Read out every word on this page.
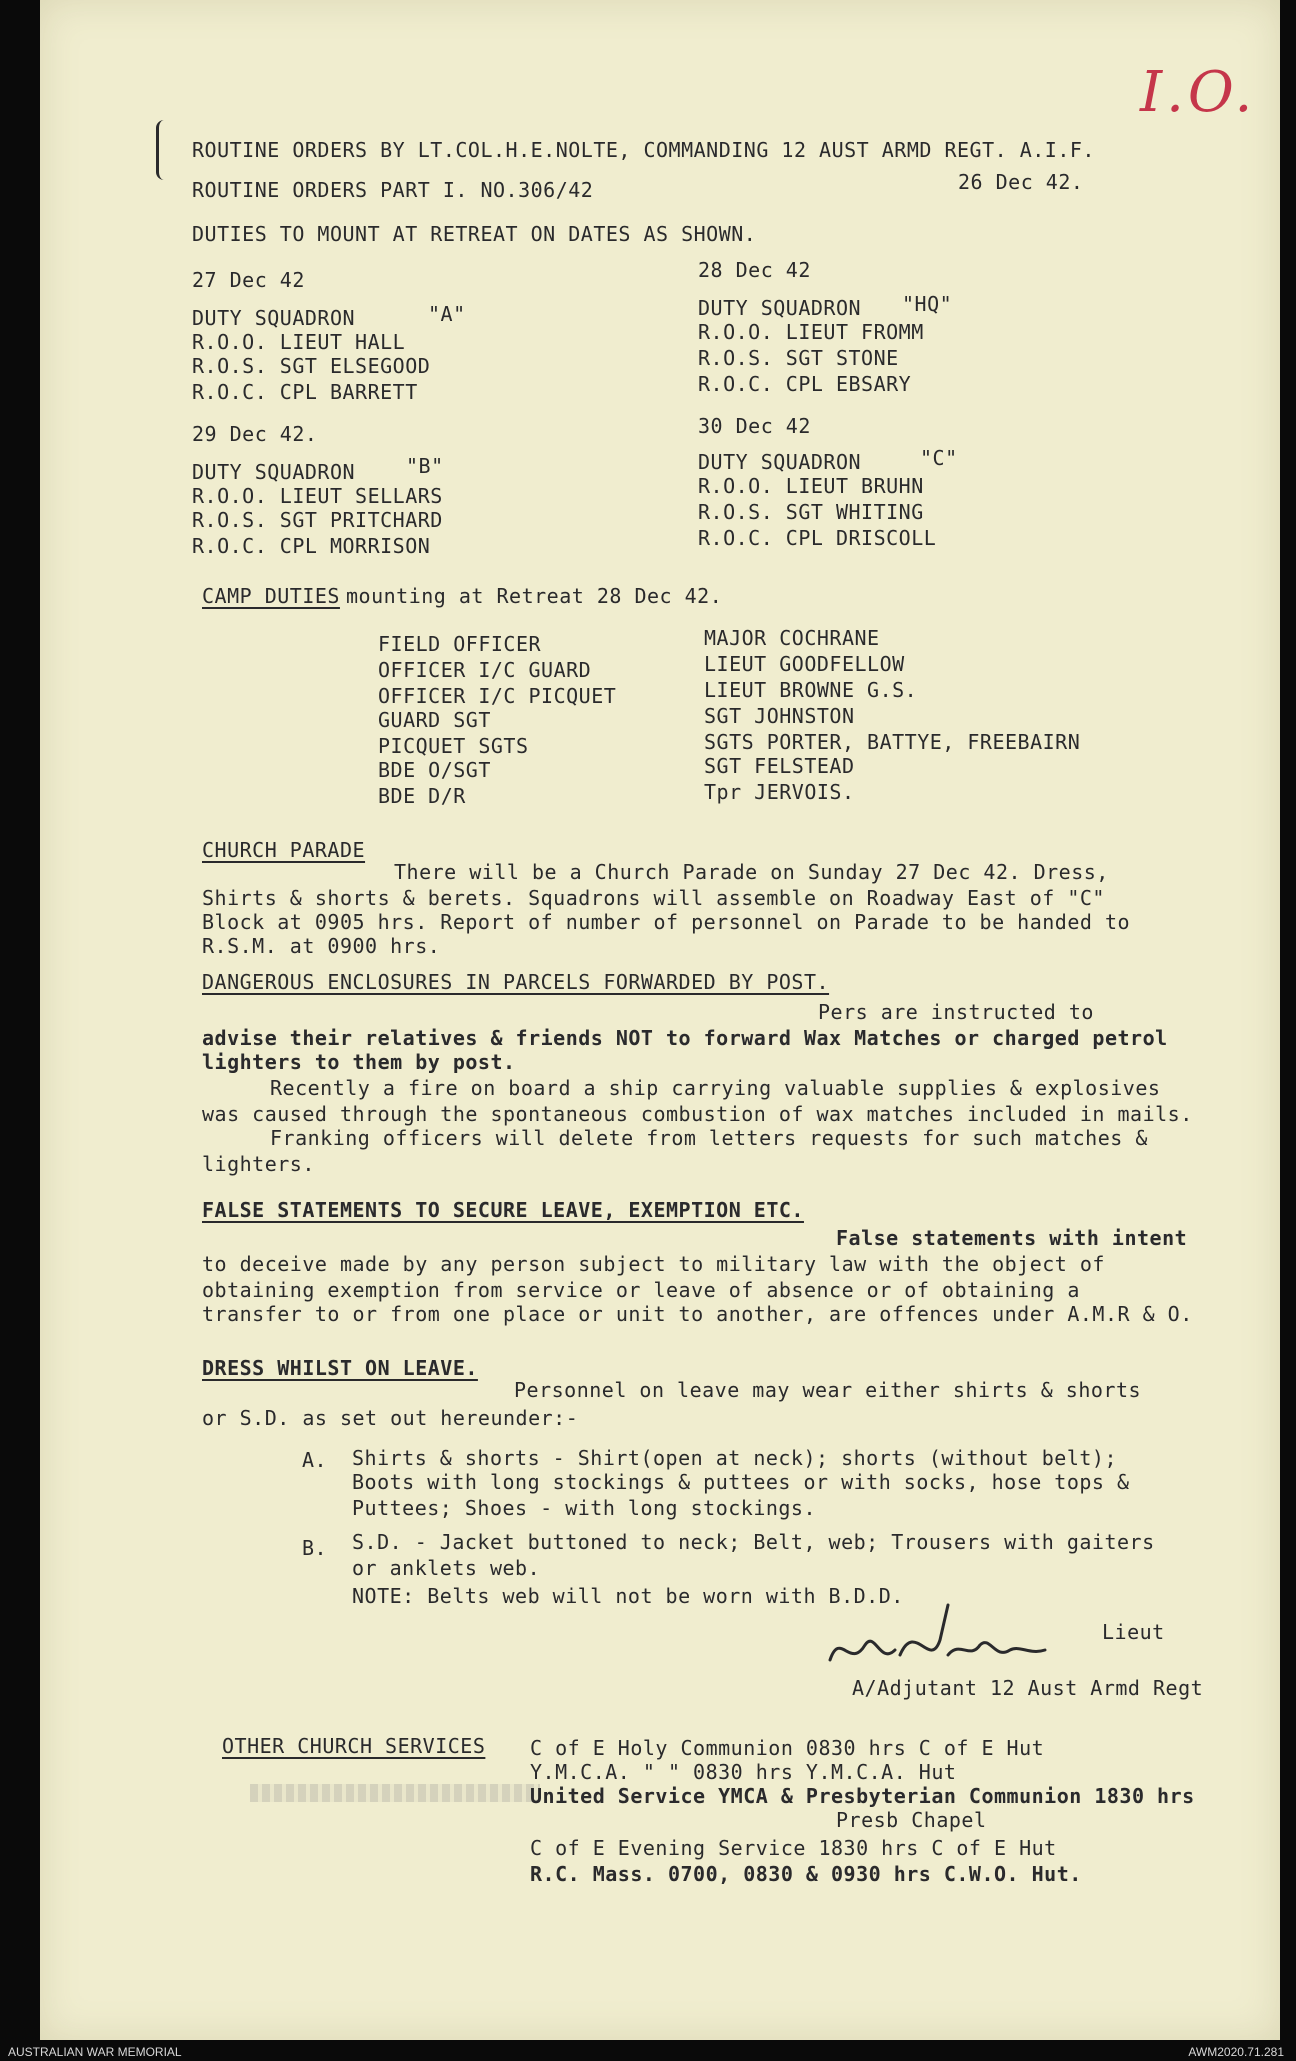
I.O.
ROUTINE ORDERS BY LT.COL.H.E.NOLTE, COMMANDING 12 AUST ARMD REGT. A.I.F.
ROUTINE ORDERS PART I. NO.306/42	26 Dec 42.
DUTIES TO MOUNT AT RETREAT ON DATES AS SHOWN.
27 Dec 42
DUTY SQUADRON	"A"
R.O.O. LIEUT HALL
R.O.S. SGT ELSEGOOD
R.O.C. CPL BARRETT
28 Dec 42
DUTY SQUADRON "HQ"
R.O.O. LIEUT FROMM
R.O.S. SGT STONE
R.O.C. CPL EBSARY
29 Dec 42.
DUTY SQUADRON	"B"
R.O.O. LIEUT SELLARS
R.O.S. SGT PRITCHARD
R.O.C. CPL MORRISON
30 Dec 42
DUTY SQUADRON	"C"
R.O.O. LIEUT BRUHN
R.O.S. SGT WHITING
R.O.C. CPL DRISCOLL
CAMP DUTIES mounting at Retreat 28 Dec 42.
FIELD OFFICER	MAJOR COCHRANE
OFFICER I/C GUARD	LIEUT GOODFELLOW
OFFICER I/C PICQUET	LIEUT BROWNE G.S.
GUARD SGT	SGT JOHNSTON
PICQUET SGTS	SGTS PORTER, BATTYE, FREEBAIRN
BDE O/SGT	SGT FELSTEAD
BDE D/R	Tpr JERVOIS.
CHURCH PARADE
There will be a Church Parade on Sunday 27 Dec 42. Dress,
Shirts & shorts & berets. Squadrons will assemble on Roadway East of "C"
Block at 0905 hrs. Report of number of personnel on Parade to be handed to
R.S.M. at 0900 hrs.
DANGEROUS ENCLOSURES IN PARCELS FORWARDED BY POST.
Pers are instructed to
advise their relatives & friends NOT to forward Wax Matches or charged petrol
lighters to them by post.
Recently a fire on board a ship carrying valuable supplies & explosives
was caused through the spontaneous combustion of wax matches included in mails.
Franking officers will delete from letters requests for such matches &
lighters.
FALSE STATEMENTS TO SECURE LEAVE, EXEMPTION ETC.
False statements with intent
to deceive made by any person subject to military law with the object of
obtaining exemption from service or leave of absence or of obtaining a
transfer to or from one place or unit to another, are offences under A.M.R & O.
DRESS WHILST ON LEAVE.
Personnel on leave may wear either shirts & shorts
or S.D. as set out hereunder:-
A. Shirts & shorts - Shirt(open at neck); shorts (without belt);
Boots with long stockings & puttees or with socks, hose tops &
Puttees; Shoes - with long stockings.
B. S.D. - Jacket buttoned to neck; Belt, web; Trousers with gaiters
or anklets web.
NOTE: Belts web will not be worn with B.D.D.
Lieut
A/Adjutant 12 Aust Armd Regt
OTHER CHURCH SERVICES C of E Holy Communion 0830 hrs C of E Hut
Y.M.C.A. " " 0830 hrs Y.M.C.A. Hut
United Service YMCA & Presbyterian Communion 1830 hrs
Presb Chapel
C of E Evening Service 1830 hrs C of E Hut
R.C. Mass. 0700, 0830 & 0930 hrs C.W.O. Hut.
AUSTRALIAN WAR MEMORIAL	AWM2020.71.281
